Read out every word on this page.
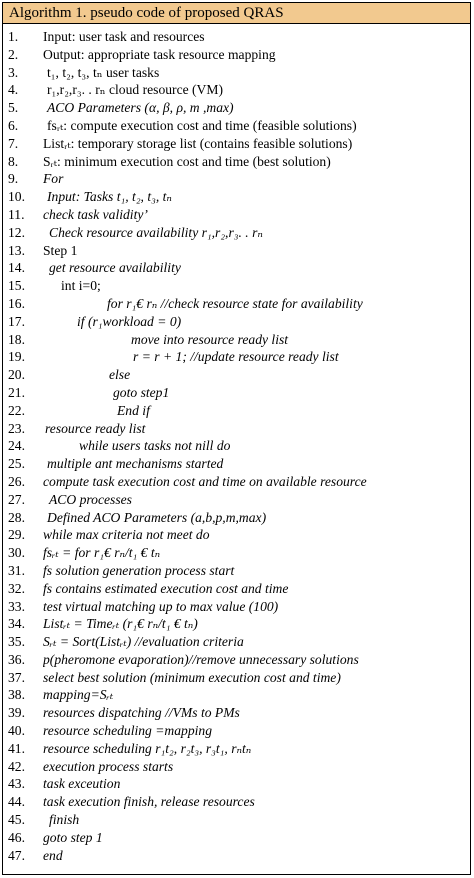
Algorithm 1. pseudo code of proposed QRAS
1.	Input: user task and resources
2.	Output: appropriate task resource mapping
3.	t₁, t₂, t₃, tₙ user tasks
4.	r₁,r₂,r₃. . rₙ cloud resource (VM)
5.	ACO Parameters (α, β, ρ, m ,max)
6.	fsᵣₜ: compute execution cost and time (feasible solutions)
7.	Listᵣₜ: temporary storage list (contains feasible solutions)
8.	Sᵣₜ: minimum execution cost and time (best solution)
9.	For
10.	Input: Tasks t₁, t₂, t₃, tₙ
11.	check task validity’
12.	Check resource availability r₁,r₂,r₃. . rₙ
13.	Step 1
14.	get resource availability
15.	int i=0;
16.	for r₁€ rₙ //check resource state for availability
17.	if (r₁workload = 0)
18.	move into resource ready list
19.	r = r + 1; //update resource ready list
20.	else
21.	goto step1
22.	End if
23.	resource ready list
24.	while users tasks not nill do
25.	multiple ant mechanisms started
26.	compute task execution cost and time on available resource
27.	ACO processes
28.	Defined ACO Parameters (a,b,p,m,max)
29.	while max criteria not meet do
30.	fsᵣₜ = for r₁€ rₙ/t₁ € tₙ
31.	fs solution generation process start
32.	fs contains estimated execution cost and time
33.	test virtual matching up to max value (100)
34.	Listᵣₜ = Timeᵣₜ (r₁€ rₙ/t₁ € tₙ)
35.	Sᵣₜ = Sort(Listᵣₜ) //evaluation criteria
36.	p(pheromone evaporation)//remove unnecessary solutions
37.	select best solution (minimum execution cost and time)
38.	mapping=Sᵣₜ
39.	resources dispatching //VMs to PMs
40.	resource scheduling =mapping
41.	resource scheduling r₁t₂, r₂t₃, r₃t₁, rₙtₙ
42.	execution process starts
43.	task exceution
44.	task execution finish, release resources
45.	finish
46.	goto step 1
47.	end
